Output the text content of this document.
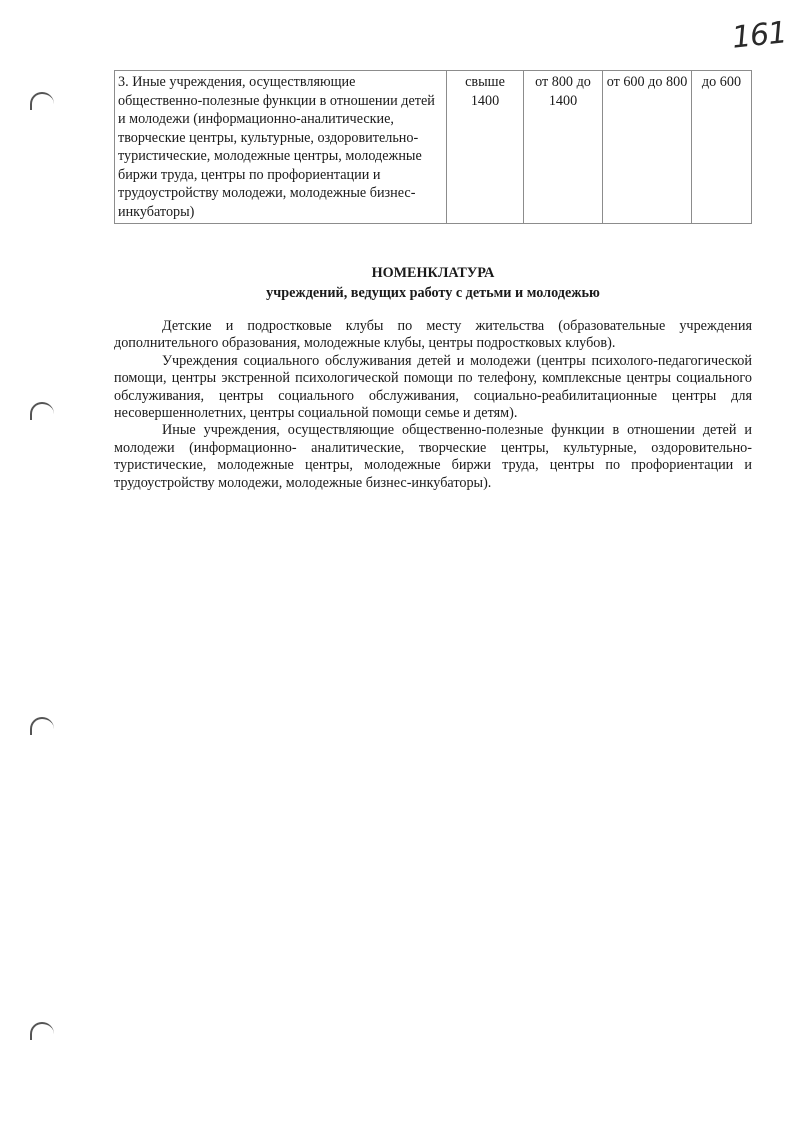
161
3. Иные учреждения, осуществляющие общественно-полезные функции в отношении детей и молодежи (информационно-аналитические, творческие центры, культурные, оздоровительно- туристические, молодежные центры, молодежные биржи труда, центры по профориентации и трудоустройству молодежи, молодежные бизнес-инкубаторы)	свыше 1400	от 800 до 1400	от 600 до 800	до 600
НОМЕНКЛАТУРА
учреждений, ведущих работу с детьми и молодежью

Детские и подростковые клубы по месту жительства (образовательные учреждения дополнительного образования, молодежные клубы, центры подростковых клубов).

Учреждения социального обслуживания детей и молодежи (центры психолого-педагогической помощи, центры экстренной психологической помощи по телефону, комплексные центры социального обслуживания, центры социального обслуживания, социально-реабилитационные центры для несовершеннолетних, центры социальной помощи семье и детям).

Иные учреждения, осуществляющие общественно-полезные функции в отношении детей и молодежи (информационно- аналитические, творческие центры, культурные, оздоровительно-туристические, молодежные центры, молодежные биржи труда, центры по профориентации и трудоустройству молодежи, молодежные бизнес-инкубаторы).
